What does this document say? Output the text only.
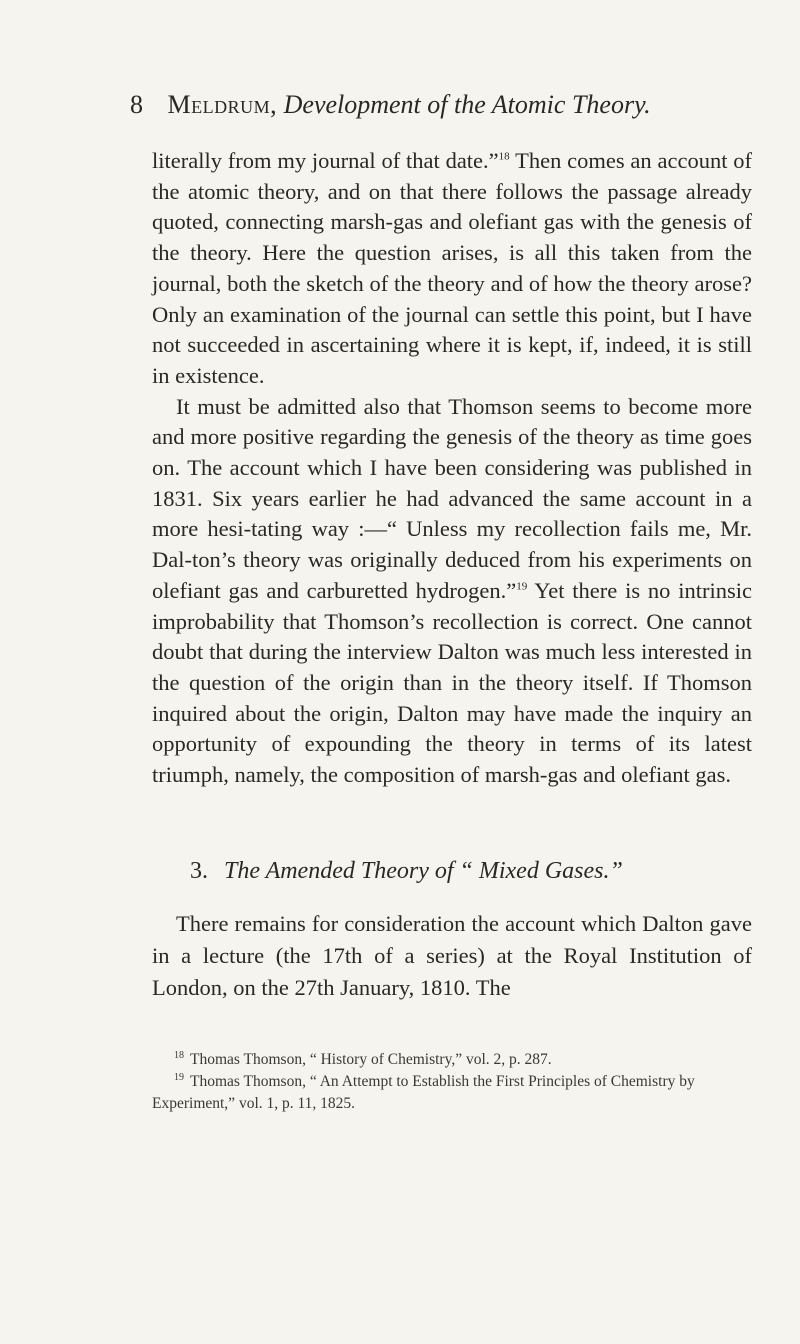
8 Meldrum, Development of the Atomic Theory.

literally from my journal of that date.”$^{18}$ Then comes an account of the atomic theory, and on that there follows the passage already quoted, connecting marsh-gas and olefiant gas with the genesis of the theory. Here the question arises, is all this taken from the journal, both the sketch of the theory and of how the theory arose? Only an examination of the journal can settle this point, but I have not succeeded in ascertaining where it is kept, if, indeed, it is still in existence.

It must be admitted also that Thomson seems to become more and more positive regarding the genesis of the theory as time goes on. The account which I have been considering was published in 1831. Six years earlier he had advanced the same account in a more hesi-tating way :—“ Unless my recollection fails me, Mr. Dal-ton’s theory was originally deduced from his experiments on olefiant gas and carburetted hydrogen.”$^{19}$ Yet there is no intrinsic improbability that Thomson’s recollection is correct. One cannot doubt that during the interview Dalton was much less interested in the question of the origin than in the theory itself. If Thomson inquired about the origin, Dalton may have made the inquiry an opportunity of expounding the theory in terms of its latest triumph, namely, the composition of marsh-gas and olefiant gas.

3. The Amended Theory of “ Mixed Gases.”

There remains for consideration the account which Dalton gave in a lecture (the 17th of a series) at the Royal Institution of London, on the 27th January, 1810. The

$^{18}$ Thomas Thomson, “ History of Chemistry,” vol. 2, p. 287.

$^{19}$ Thomas Thomson, “ An Attempt to Establish the First Principles of Chemistry by Experiment,” vol. 1, p. 11, 1825.
